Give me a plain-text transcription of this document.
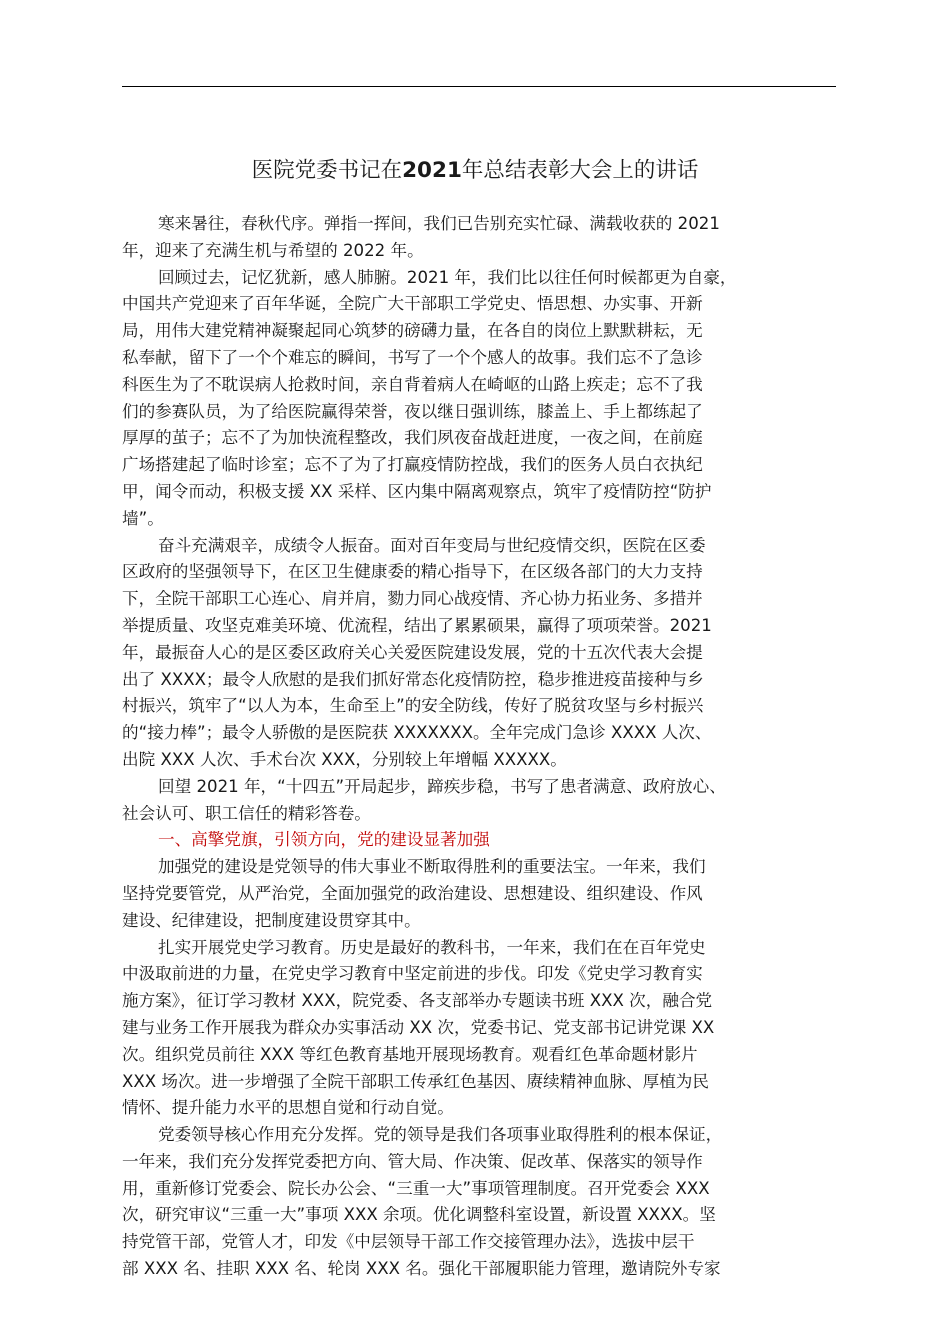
医院党委书记在2021年总结表彰大会上的讲话
寒来暑往，春秋代序。弹指一挥间，我们已告别充实忙碌、满载收获的 2021
年，迎来了充满生机与希望的 2022 年。
回顾过去，记忆犹新，感人肺腑。2021 年，我们比以往任何时候都更为自豪，
中国共产党迎来了百年华诞，全院广大干部职工学党史、悟思想、办实事、开新
局，用伟大建党精神凝聚起同心筑梦的磅礴力量，在各自的岗位上默默耕耘，无
私奉献，留下了一个个难忘的瞬间，书写了一个个感人的故事。我们忘不了急诊
科医生为了不耽误病人抢救时间，亲自背着病人在崎岖的山路上疾走；忘不了我
们的参赛队员，为了给医院赢得荣誉，夜以继日强训练，膝盖上、手上都练起了
厚厚的茧子；忘不了为加快流程整改，我们夙夜奋战赶进度，一夜之间，在前庭
广场搭建起了临时诊室；忘不了为了打赢疫情防控战，我们的医务人员白衣执纪
甲，闻令而动，积极支援 XX 采样、区内集中隔离观察点，筑牢了疫情防控“防护
墙”。
奋斗充满艰辛，成绩令人振奋。面对百年变局与世纪疫情交织，医院在区委
区政府的坚强领导下，在区卫生健康委的精心指导下，在区级各部门的大力支持
下，全院干部职工心连心、肩并肩，勠力同心战疫情、齐心协力拓业务、多措并
举提质量、攻坚克难美环境、优流程，结出了累累硕果，赢得了项项荣誉。2021
年，最振奋人心的是区委区政府关心关爱医院建设发展，党的十五次代表大会提
出了 XXXX；最令人欣慰的是我们抓好常态化疫情防控，稳步推进疫苗接种与乡
村振兴，筑牢了“以人为本，生命至上”的安全防线，传好了脱贫攻坚与乡村振兴
的“接力棒”；最令人骄傲的是医院获 XXXXXXX。全年完成门急诊 XXXX 人次、
出院 XXX 人次、手术台次 XXX，分别较上年增幅 XXXXX。
回望 2021 年，“十四五”开局起步，蹄疾步稳，书写了患者满意、政府放心、
社会认可、职工信任的精彩答卷。
一、高擎党旗，引领方向，党的建设显著加强
加强党的建设是党领导的伟大事业不断取得胜利的重要法宝。一年来，我们
坚持党要管党，从严治党，全面加强党的政治建设、思想建设、组织建设、作风
建设、纪律建设，把制度建设贯穿其中。
扎实开展党史学习教育。历史是最好的教科书，一年来，我们在在百年党史
中汲取前进的力量，在党史学习教育中坚定前进的步伐。印发《党史学习教育实
施方案》，征订学习教材 XXX，院党委、各支部举办专题读书班 XXX 次，融合党
建与业务工作开展我为群众办实事活动 XX 次，党委书记、党支部书记讲党课 XX
次。组织党员前往 XXX 等红色教育基地开展现场教育。观看红色革命题材影片
XXX 场次。进一步增强了全院干部职工传承红色基因、赓续精神血脉、厚植为民
情怀、提升能力水平的思想自觉和行动自觉。
党委领导核心作用充分发挥。党的领导是我们各项事业取得胜利的根本保证，
一年来，我们充分发挥党委把方向、管大局、作决策、促改革、保落实的领导作
用，重新修订党委会、院长办公会、“三重一大”事项管理制度。召开党委会 XXX
次，研究审议“三重一大”事项 XXX 余项。优化调整科室设置，新设置 XXXX。坚
持党管干部，党管人才，印发《中层领导干部工作交接管理办法》，选拔中层干
部 XXX 名、挂职 XXX 名、轮岗 XXX 名。强化干部履职能力管理，邀请院外专家
